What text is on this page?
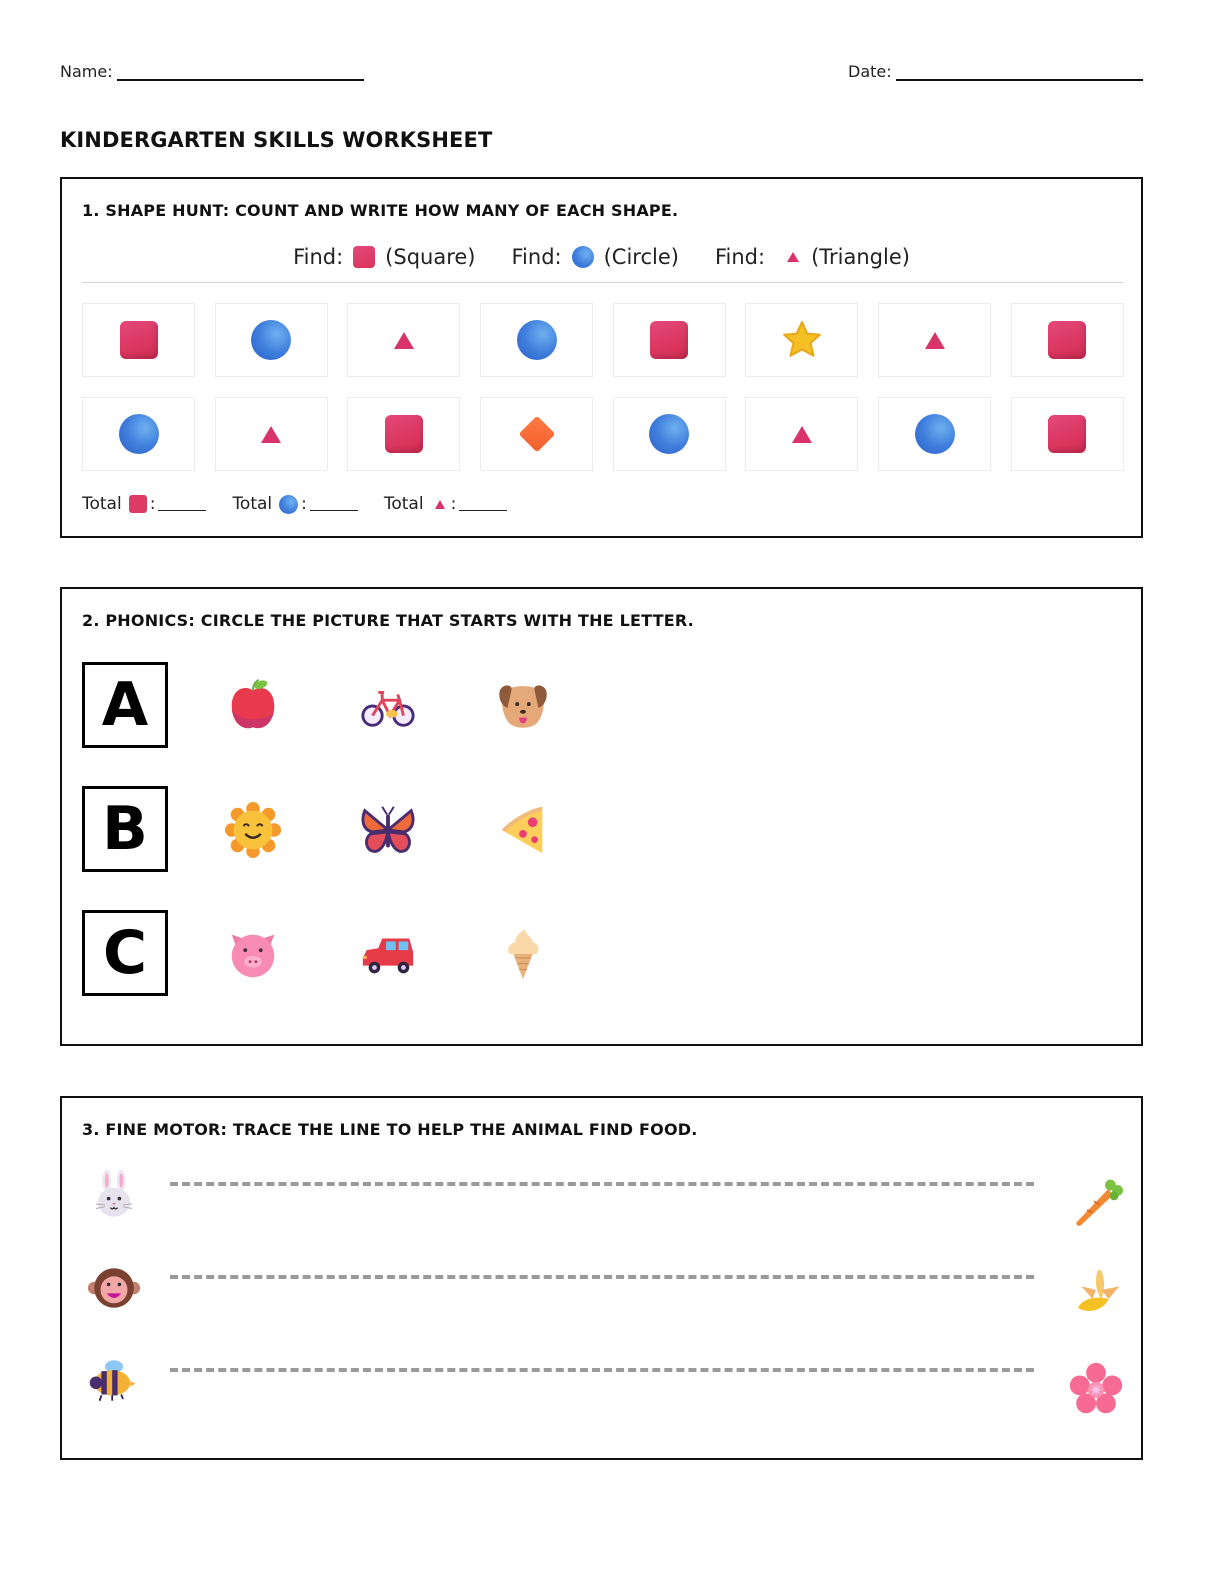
Name:	Date:
KINDERGARTEN SKILLS WORKSHEET
1. SHAPE HUNT: COUNT AND WRITE HOW MANY OF EACH SHAPE.
Find: (Square) Find: (Circle) Find: (Triangle)
Total :	Total :	Total :
2. PHONICS: CIRCLE THE PICTURE THAT STARTS WITH THE LETTER.
A
B
C
3. FINE MOTOR: TRACE THE LINE TO HELP THE ANIMAL FIND FOOD.
